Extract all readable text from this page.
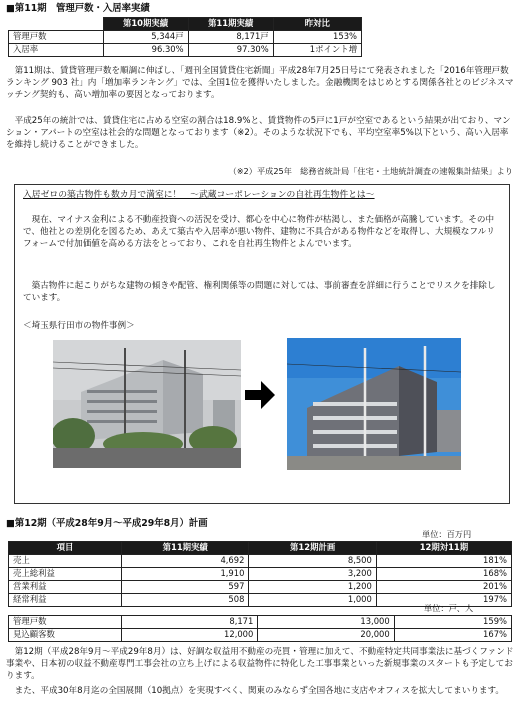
■第11期　管理戸数・入居率実績
	第10期実績	第11期実績	昨対比
管理戸数	5,344戸	8,171戸	153%
入居率	96.30%	97.30%	1ポイント増

第11期は、賃貸管理戸数を順調に伸ばし、「週刊全国賃貸住宅新聞」平成28年7月25日号にて発表されました「2016年管理戸数ランキング 903 社」内「増加率ランキング」では、全国1位を獲得いたしました。金融機関をはじめとする関係各社とのビジネスマッチング契約も、高い増加率の要因となっております。

平成25年の統計では、賃貸住宅に占める空室の割合は18.9%と、賃貸物件の5戸に1戸が空室であるという結果が出ており、マンション・アパートの空室は社会的な問題となっております（※2）。そのような状況下でも、平均空室率5%以下という、高い入居率を維持し続けることができました。

（※2）平成25年　総務省統計局「住宅・土地統計調査の速報集計結果」より
入居ゼロの築古物件も数カ月で満室に！　～武蔵コーポレーションの自社再生物件とは～

現在、マイナス金利による不動産投資への活況を受け、都心を中心に物件が枯渇し、また価格が高騰しています。その中で、他社との差別化を図るため、あえて築古や入居率が悪い物件、建物に不具合がある物件などを取得し、大規模なフルリフォームで付加価値を高める方法をとっており、これを自社再生物件とよんでいます。

築古物件に起こりがちな建物の傾きや配管、権利関係等の問題に対しては、事前審査を詳細に行うことでリスクを排除しています。

＜埼玉県行田市の物件事例＞
■第12期（平成28年9月～平成29年8月）計画
単位：百万円
項目	第11期実績	第12期計画	12期対11期
売上	4,692	8,500	181%
売上総利益	1,910	3,200	168%
営業利益	597	1,200	201%
経常利益	508	1,000	197%
単位：戸、人
管理戸数	8,171	13,000	159%
見込顧客数	12,000	20,000	167%

第12期（平成28年9月～平成29年8月）は、好調な収益用不動産の売買・管理に加えて、不動産特定共同事業法に基づくファンド事業や、日本初の収益不動産専門工事会社の立ち上げによる収益物件に特化した工事事業といった新規事業のスタートも予定しております。

また、平成30年8月迄の全国展開（10拠点）を実現すべく、関東のみならず全国各地に支店やオフィスを拡大してまいります。
